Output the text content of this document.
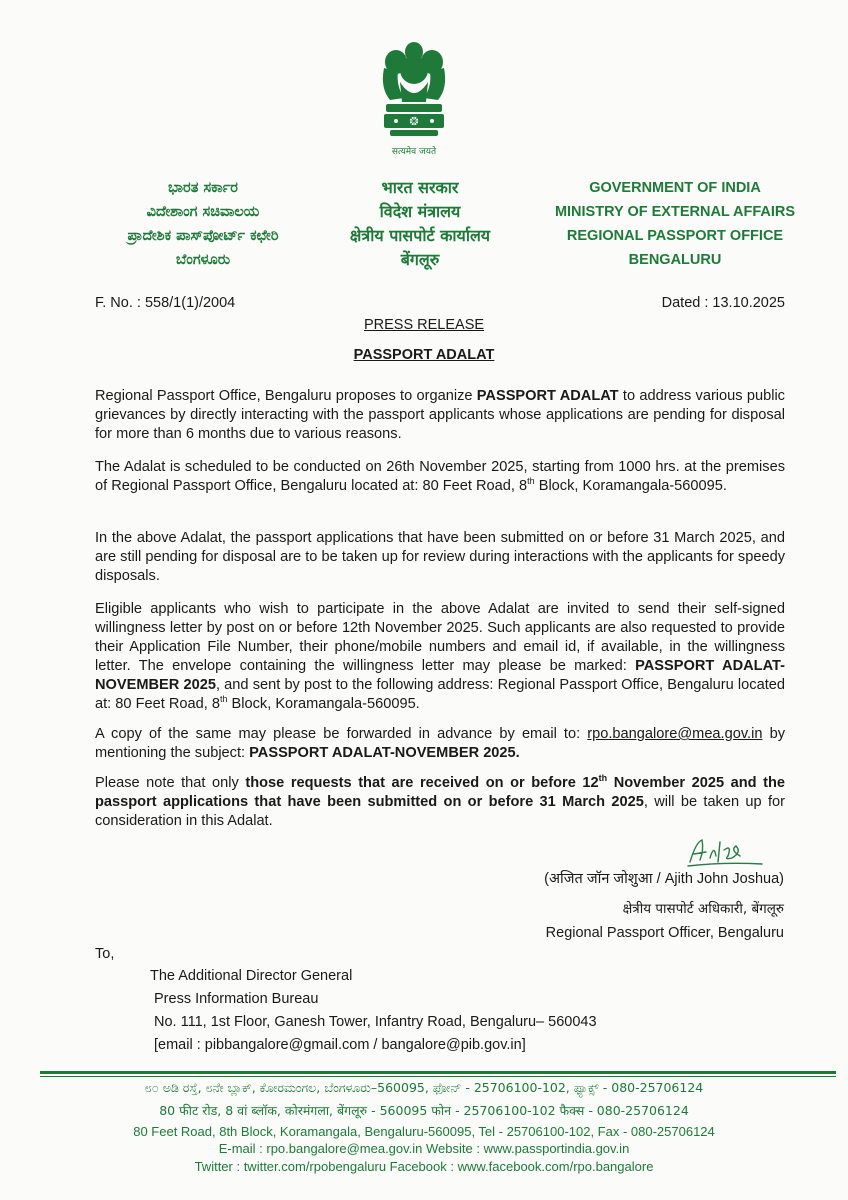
सत्यमेव जयते
ಭಾರತ ಸರ್ಕಾರ
ವಿದೇಶಾಂಗ ಸಚಿವಾಲಯ
ಪ್ರಾದೇಶಿಕ ಪಾಸ್‌ಪೋರ್ಟ್ ಕಛೇರಿ
ಬೆಂಗಳೂರು
भारत सरकार
विदेश मंत्रालय
क्षेत्रीय पासपोर्ट कार्यालय
बेंगलूरु
GOVERNMENT OF INDIA
MINISTRY OF EXTERNAL AFFAIRS
REGIONAL PASSPORT OFFICE
BENGALURU
F. No. : 558/1(1)/2004	Dated : 13.10.2025
PRESS RELEASE
PASSPORT ADALAT

Regional Passport Office, Bengaluru proposes to organize PASSPORT ADALAT to address various public grievances by directly interacting with the passport applicants whose applications are pending for disposal for more than 6 months due to various reasons.

The Adalat is scheduled to be conducted on 26th November 2025, starting from 1000 hrs. at the premises of Regional Passport Office, Bengaluru located at: 80 Feet Road, 8th Block, Koramangala-560095.

In the above Adalat, the passport applications that have been submitted on or before 31 March 2025, and are still pending for disposal are to be taken up for review during interactions with the applicants for speedy disposals.

Eligible applicants who wish to participate in the above Adalat are invited to send their self-signed willingness letter by post on or before 12th November 2025. Such applicants are also requested to provide their Application File Number, their phone/mobile numbers and email id, if available, in the willingness letter. The envelope containing the willingness letter may please be marked: PASSPORT ADALAT-NOVEMBER 2025, and sent by post to the following address: Regional Passport Office, Bengaluru located at: 80 Feet Road, 8th Block, Koramangala-560095.

A copy of the same may please be forwarded in advance by email to: rpo.bangalore@mea.gov.in by mentioning the subject: PASSPORT ADALAT-NOVEMBER 2025.

Please note that only those requests that are received on or before 12th November 2025 and the passport applications that have been submitted on or before 31 March 2025, will be taken up for consideration in this Adalat.

(अजित जॉन जोशुआ / Ajith John Joshua)
क्षेत्रीय पासपोर्ट अधिकारी, बेंगलूरु
Regional Passport Officer, Bengaluru
To,
The Additional Director General
Press Information Bureau
No. 111, 1st Floor, Ganesh Tower, Infantry Road, Bengaluru– 560043
[email : pibbangalore@gmail.com / bangalore@pib.gov.in]
೮೦ ಅಡಿ ರಸ್ತೆ, ೮ನೇ ಬ್ಲಾಕ್, ಕೋರಮಂಗಲ, ಬೆಂಗಳೂರು–560095, ಫೋನ್ - 25706100-102, ಫ್ಯಾಕ್ಸ್ - 080-25706124
80 फीट रोड, 8 वां ब्लॉक, कोरमंगला, बेंगलूरु - 560095 फोन - 25706100-102 फैक्स - 080-25706124
80 Feet Road, 8th Block, Koramangala, Bengaluru-560095, Tel - 25706100-102, Fax - 080-25706124
E-mail : rpo.bangalore@mea.gov.in Website : www.passportindia.gov.in
Twitter : twitter.com/rpobengaluru Facebook : www.facebook.com/rpo.bangalore
